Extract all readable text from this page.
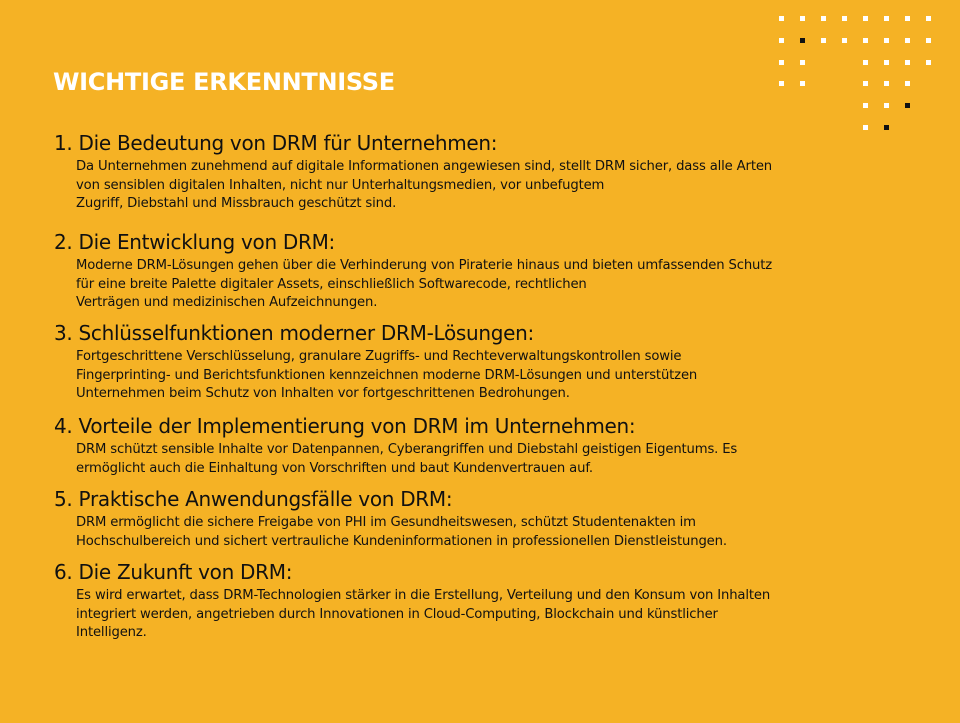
WICHTIGE ERKENNTNISSE
1. Die Bedeutung von DRM für Unternehmen:
Da Unternehmen zunehmend auf digitale Informationen angewiesen sind, stellt DRM sicher, dass alle Arten
von sensiblen digitalen Inhalten, nicht nur Unterhaltungsmedien, vor unbefugtem
Zugriff, Diebstahl und Missbrauch geschützt sind.
2. Die Entwicklung von DRM:
Moderne DRM-Lösungen gehen über die Verhinderung von Piraterie hinaus und bieten umfassenden Schutz
für eine breite Palette digitaler Assets, einschließlich Softwarecode, rechtlichen
Verträgen und medizinischen Aufzeichnungen.
3. Schlüsselfunktionen moderner DRM-Lösungen:
Fortgeschrittene Verschlüsselung, granulare Zugriffs- und Rechteverwaltungskontrollen sowie
Fingerprinting- und Berichtsfunktionen kennzeichnen moderne DRM-Lösungen und unterstützen
Unternehmen beim Schutz von Inhalten vor fortgeschrittenen Bedrohungen.
4. Vorteile der Implementierung von DRM im Unternehmen:
DRM schützt sensible Inhalte vor Datenpannen, Cyberangriffen und Diebstahl geistigen Eigentums. Es
ermöglicht auch die Einhaltung von Vorschriften und baut Kundenvertrauen auf.
5. Praktische Anwendungsfälle von DRM:
DRM ermöglicht die sichere Freigabe von PHI im Gesundheitswesen, schützt Studentenakten im
Hochschulbereich und sichert vertrauliche Kundeninformationen in professionellen Dienstleistungen.
6. Die Zukunft von DRM:
Es wird erwartet, dass DRM-Technologien stärker in die Erstellung, Verteilung und den Konsum von Inhalten
integriert werden, angetrieben durch Innovationen in Cloud-Computing, Blockchain und künstlicher
Intelligenz.
